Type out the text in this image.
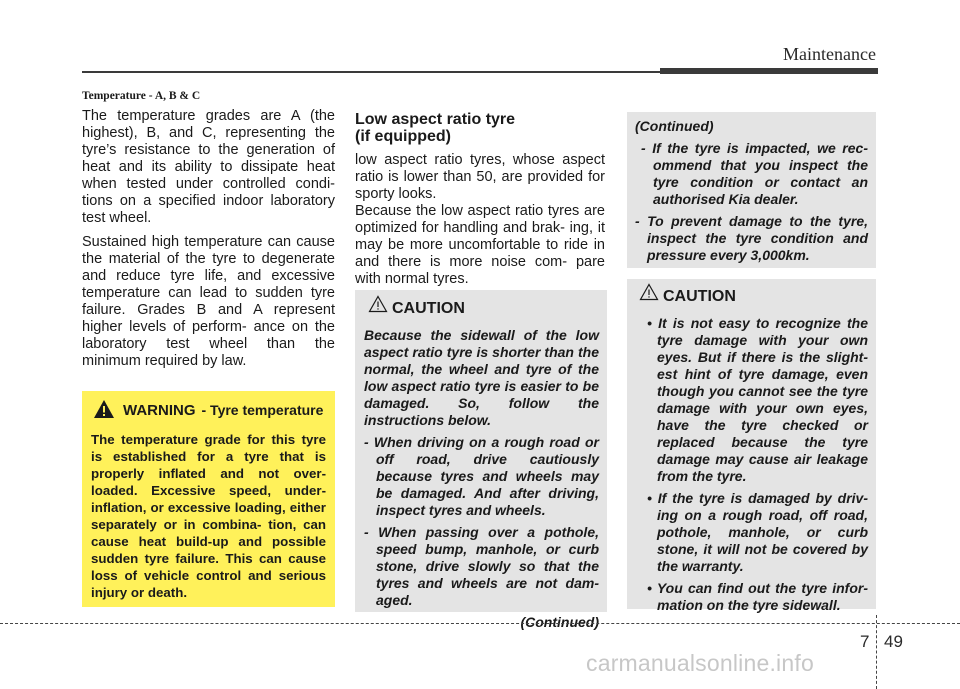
Maintenance

Temperature - A, B & C

The temperature grades are A (the highest), B, and C, representing the tyre’s resistance to the generation of heat and its ability to dissipate heat when tested under controlled condi- tions on a specified indoor laboratory test wheel.

Sustained high temperature can cause the material of the tyre to degenerate and reduce tyre life, and excessive temperature can lead to sudden tyre failure. Grades B and A represent higher levels of perform- ance on the laboratory test wheel than the minimum required by law.

WARNING - Tyre temperature

The temperature grade for this tyre is established for a tyre that is properly inflated and not over- loaded. Excessive speed, under- inflation, or excessive loading, either separately or in combina- tion, can cause heat build-up and possible sudden tyre failure. This can cause loss of vehicle control and serious injury or death.

Low aspect ratio tyre
(if equipped)

low aspect ratio tyres, whose aspect ratio is lower than 50, are provided for sporty looks.

Because the low aspect ratio tyres are optimized for handling and brak- ing, it may be more uncomfortable to ride in and there is more noise com- pare with normal tyres.

CAUTION

Because the sidewall of the low aspect ratio tyre is shorter than the normal, the wheel and tyre of the low aspect ratio tyre is easier to be damaged. So, follow the instructions below.

- When driving on a rough road or off road, drive cautiously because tyres and wheels may be damaged. And after driving, inspect tyres and wheels.

- When passing over a pothole, speed bump, manhole, or curb stone, drive slowly so that the tyres and wheels are not dam- aged.

(Continued)

(Continued)

- If the tyre is impacted, we rec- ommend that you inspect the tyre condition or contact an authorised Kia dealer.

- To prevent damage to the tyre, inspect the tyre condition and pressure every 3,000km.

CAUTION

• It is not easy to recognize the tyre damage with your own eyes. But if there is the slight- est hint of tyre damage, even though you cannot see the tyre damage with your own eyes, have the tyre checked or replaced because the tyre damage may cause air leakage from the tyre.

• If the tyre is damaged by driv- ing on a rough road, off road, pothole, manhole, or curb stone, it will not be covered by the warranty.

• You can find out the tyre infor- mation on the tyre sidewall.

7 49
carmanualsonline.info
